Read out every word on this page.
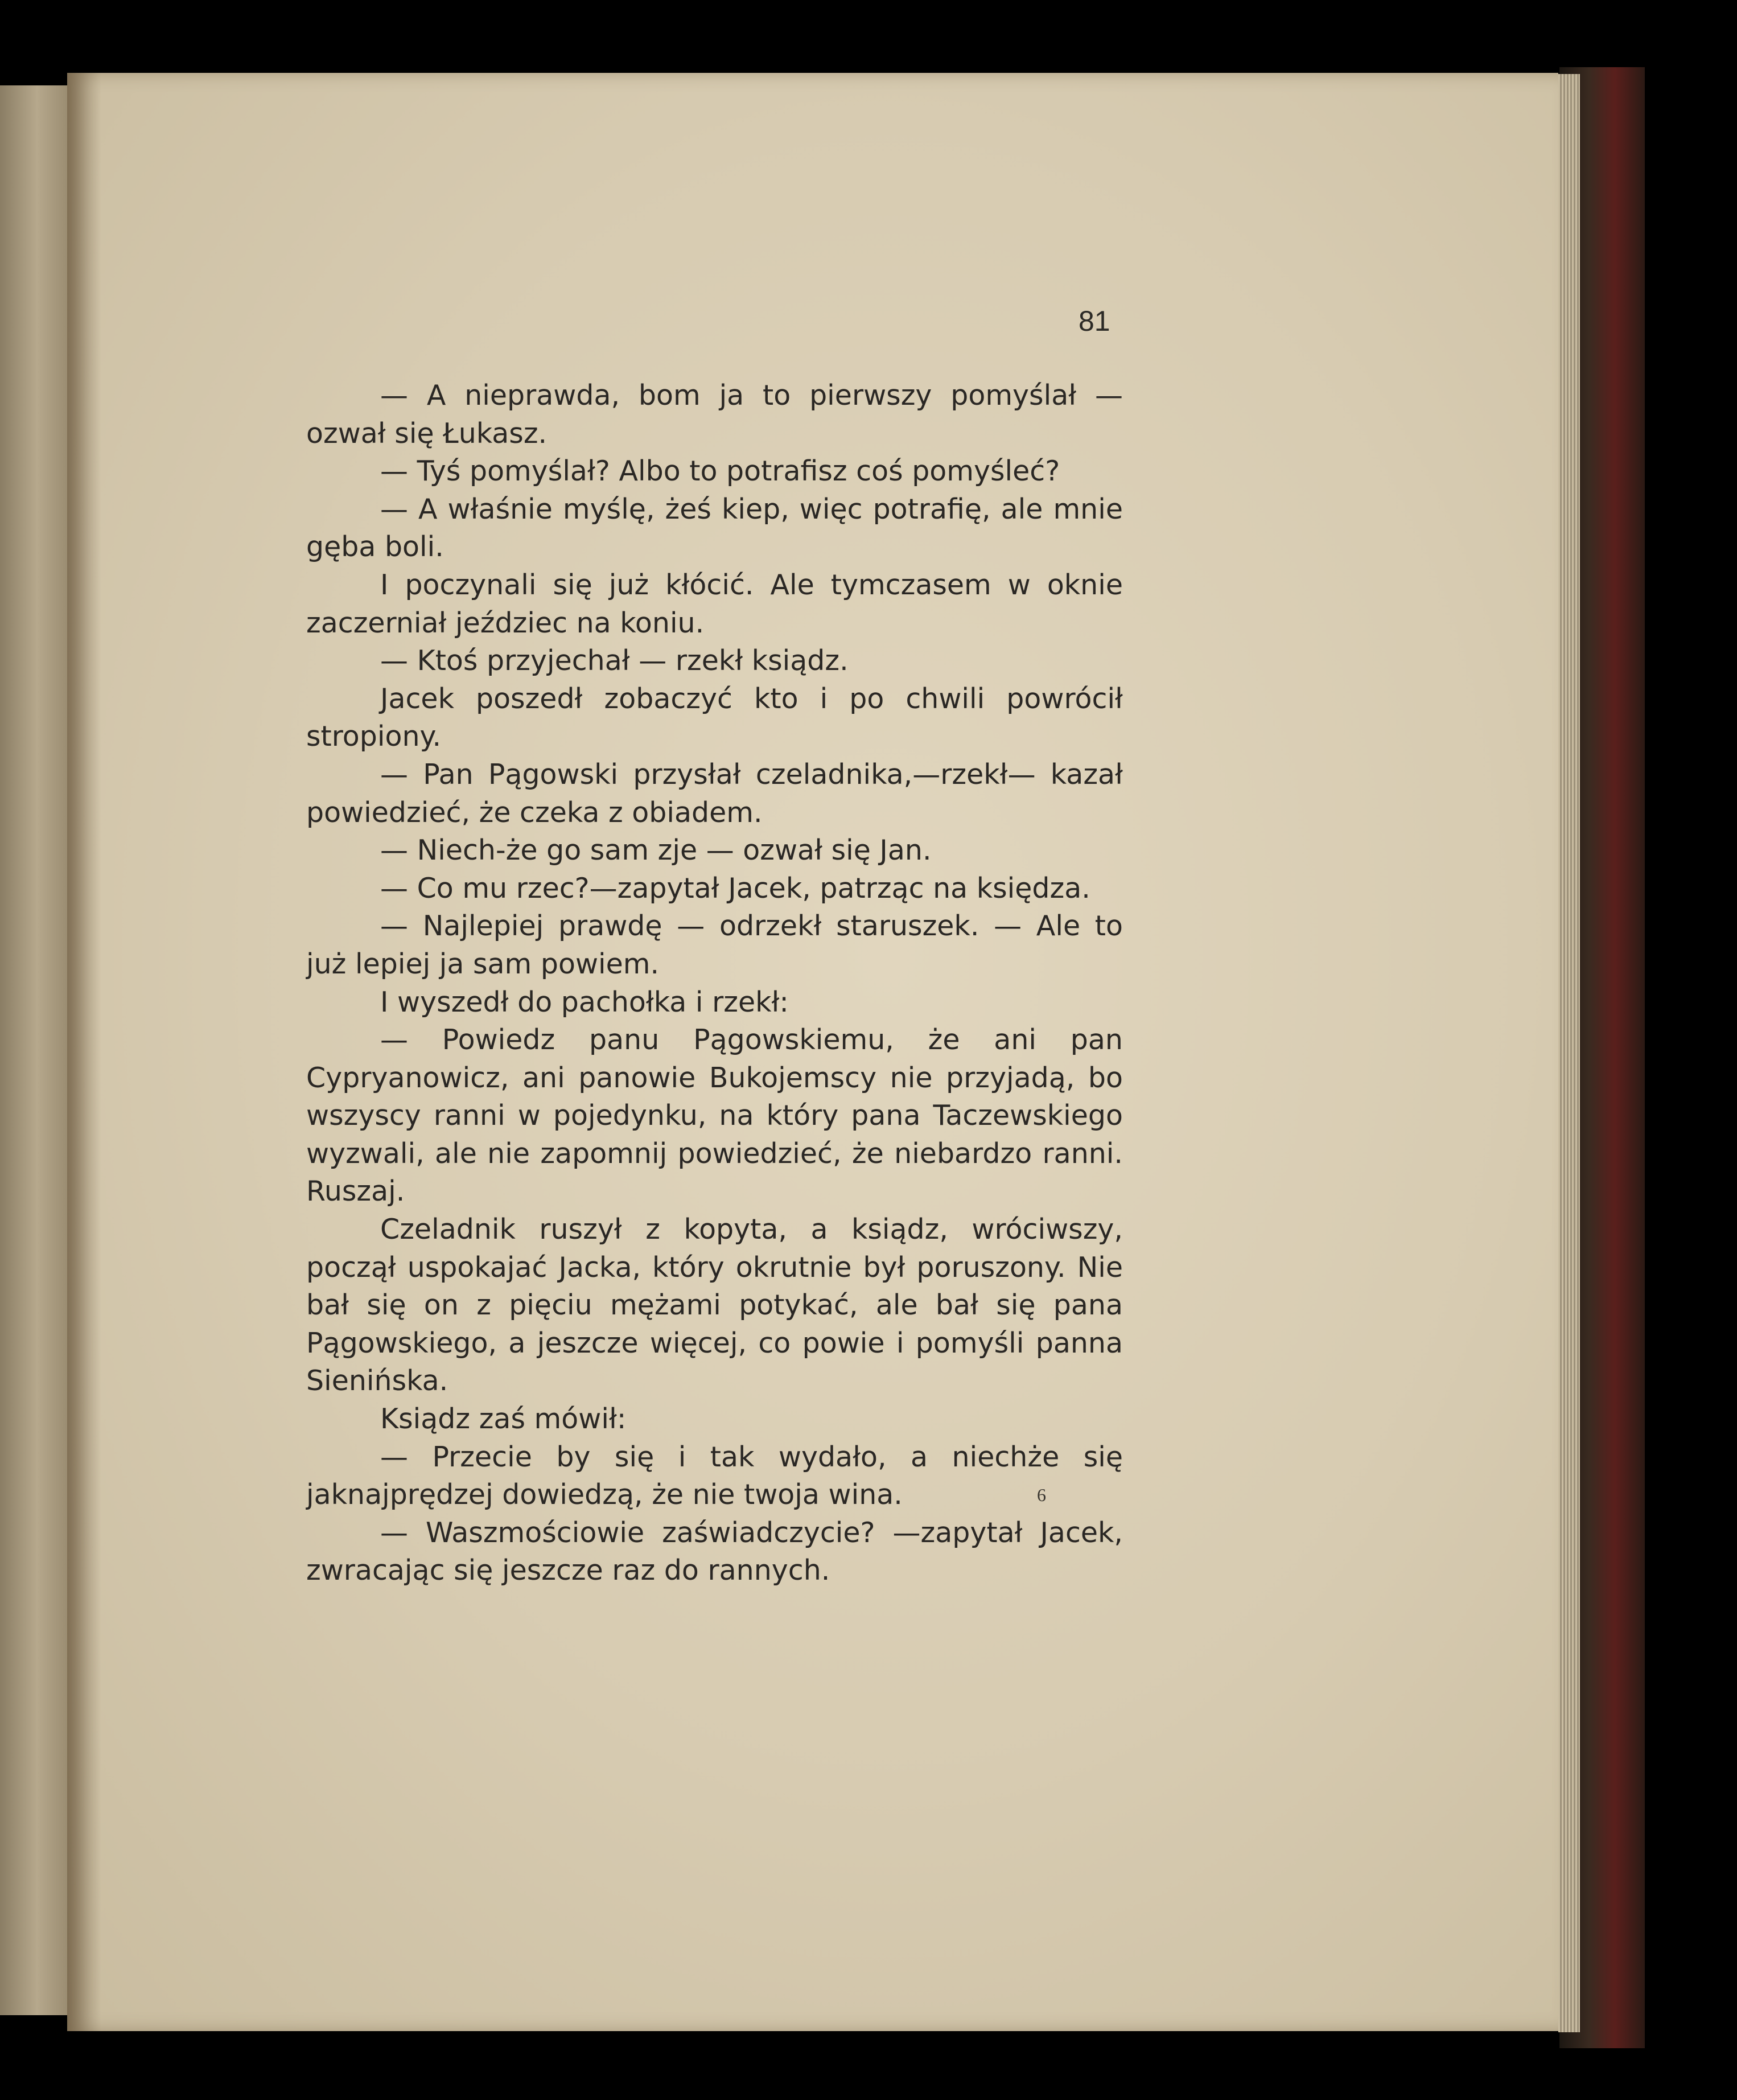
81

— A nieprawda, bom ja to pierwszy pomyślał — ozwał się Łukasz.

— Tyś pomyślał? Albo to potrafisz coś pomyśleć?

— A właśnie myślę, żeś kiep, więc potrafię, ale mnie gęba boli.

I poczynali się już kłócić. Ale tymczasem w oknie zaczerniał jeździec na koniu.

— Ktoś przyjechał — rzekł ksiądz.

Jacek poszedł zobaczyć kto i po chwili powrócił stropiony.

— Pan Pągowski przysłał czeladnika,—rzekł— kazał powiedzieć, że czeka z obiadem.

— Niech-że go sam zje — ozwał się Jan.

— Co mu rzec?—zapytał Jacek, patrząc na księdza.

— Najlepiej prawdę — odrzekł staruszek. — Ale to już lepiej ja sam powiem.

I wyszedł do pachołka i rzekł:

— Powiedz panu Pągowskiemu, że ani pan Cypryanowicz, ani panowie Bukojemscy nie przyjadą, bo wszyscy ranni w pojedynku, na który pana Taczewskiego wyzwali, ale nie zapomnij powiedzieć, że niebardzo ranni. Ruszaj.

Czeladnik ruszył z kopyta, a ksiądz, wróciwszy, począł uspokajać Jacka, który okrutnie był poruszony. Nie bał się on z pięciu mężami potykać, ale bał się pana Pągowskiego, a jeszcze więcej, co powie i pomyśli panna Sienińska.

Ksiądz zaś mówił:

— Przecie by się i tak wydało, a niechże się jaknajprędzej dowiedzą, że nie twoja wina.

— Waszmościowie zaświadczycie? —zapytał Jacek, zwracając się jeszcze raz do rannych.

6
